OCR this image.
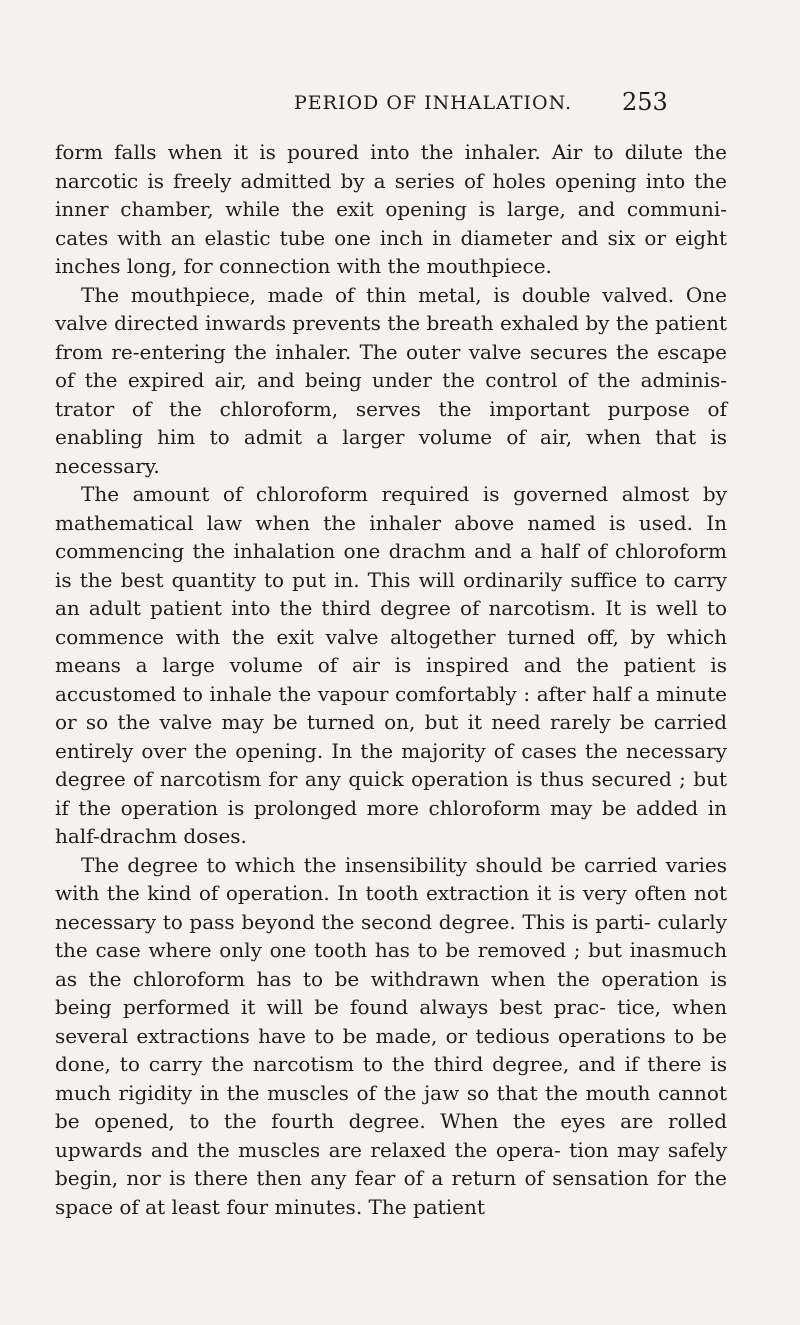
PERIOD OF INHALATION. 253

form falls when it is poured into the inhaler. Air to dilute the narcotic is freely admitted by a series of holes opening into the inner chamber, while the exit opening is large, and communi- cates with an elastic tube one inch in diameter and six or eight inches long, for connection with the mouthpiece.

The mouthpiece, made of thin metal, is double valved. One valve directed inwards prevents the breath exhaled by the patient from re-entering the inhaler. The outer valve secures the escape of the expired air, and being under the control of the adminis- trator of the chloroform, serves the important purpose of enabling him to admit a larger volume of air, when that is necessary.

The amount of chloroform required is governed almost by mathematical law when the inhaler above named is used. In commencing the inhalation one drachm and a half of chloroform is the best quantity to put in. This will ordinarily suffice to carry an adult patient into the third degree of narcotism. It is well to commence with the exit valve altogether turned off, by which means a large volume of air is inspired and the patient is accustomed to inhale the vapour comfortably : after half a minute or so the valve may be turned on, but it need rarely be carried entirely over the opening. In the majority of cases the necessary degree of narcotism for any quick operation is thus secured ; but if the operation is prolonged more chloroform may be added in half-drachm doses.

The degree to which the insensibility should be carried varies with the kind of operation. In tooth extraction it is very often not necessary to pass beyond the second degree. This is parti- cularly the case where only one tooth has to be removed ; but inasmuch as the chloroform has to be withdrawn when the operation is being performed it will be found always best prac- tice, when several extractions have to be made, or tedious operations to be done, to carry the narcotism to the third degree, and if there is much rigidity in the muscles of the jaw so that the mouth cannot be opened, to the fourth degree. When the eyes are rolled upwards and the muscles are relaxed the opera- tion may safely begin, nor is there then any fear of a return of sensation for the space of at least four minutes. The patient
